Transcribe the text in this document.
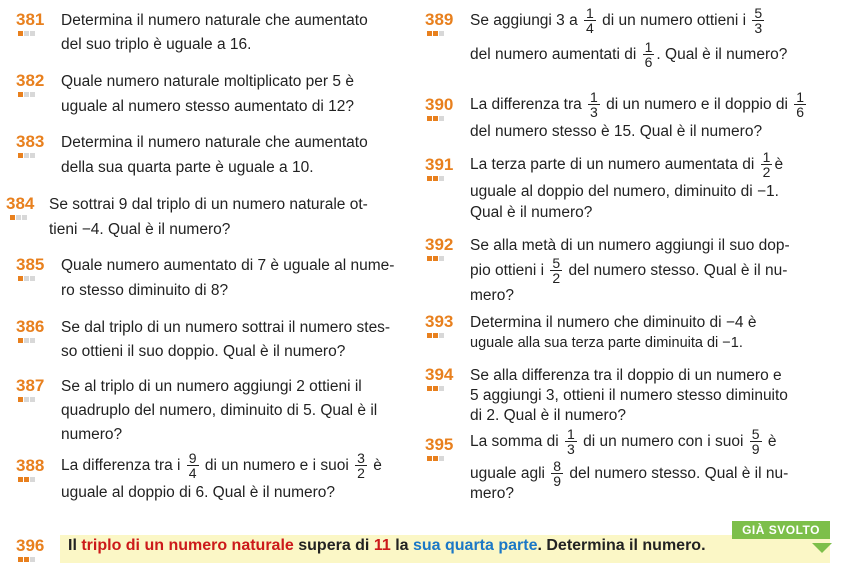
381 Determina il numero naturale che aumentato
del suo triplo è uguale a 16.
382 Quale numero naturale moltiplicato per 5 è
uguale al numero stesso aumentato di 12?
383 Determina il numero naturale che aumentato
della sua quarta parte è uguale a 10.
384 Se sottrai 9 dal triplo di un numero naturale ot-
tieni −4. Qual è il numero?
385 Quale numero aumentato di 7 è uguale al nume-
ro stesso diminuito di 8?
386 Se dal triplo di un numero sottrai il numero stes-
so ottieni il suo doppio. Qual è il numero?
387 Se al triplo di un numero aggiungi 2 ottieni il
quadruplo del numero, diminuito di 5. Qual è il
numero?
388 La differenza tra i $\frac{9}{4}$ di un numero e i suoi $\frac{3}{2}$ è
uguale al doppio di 6. Qual è il numero?
389 Se aggiungi 3 a $\frac{1}{4}$ di un numero ottieni i $\frac{5}{3}$
del numero aumentati di $\frac{1}{6}$ . Qual è il numero?
390 La differenza tra $\frac{1}{3}$ di un numero e il doppio di $\frac{1}{6}$
del numero stesso è 15. Qual è il numero?
391 La terza parte di un numero aumentata di $\frac{1}{2}$ è
uguale al doppio del numero, diminuito di −1.
Qual è il numero?
392 Se alla metà di un numero aggiungi il suo dop-
pio ottieni i $\frac{5}{2}$ del numero stesso. Qual è il nu-
mero?
393 Determina il numero che diminuito di −4 è
uguale alla sua terza parte diminuita di −1.
394 Se alla differenza tra il doppio di un numero e
5 aggiungi 3, ottieni il numero stesso diminuito
di 2. Qual è il numero?
395 La somma di $\frac{1}{3}$ di un numero con i suoi $\frac{5}{9}$ è
uguale agli $\frac{8}{9}$ del numero stesso. Qual è il nu-
mero?
GIÀ SVOLTO
396 Il triplo di un numero naturale supera di 11 la sua quarta parte. Determina il numero.
